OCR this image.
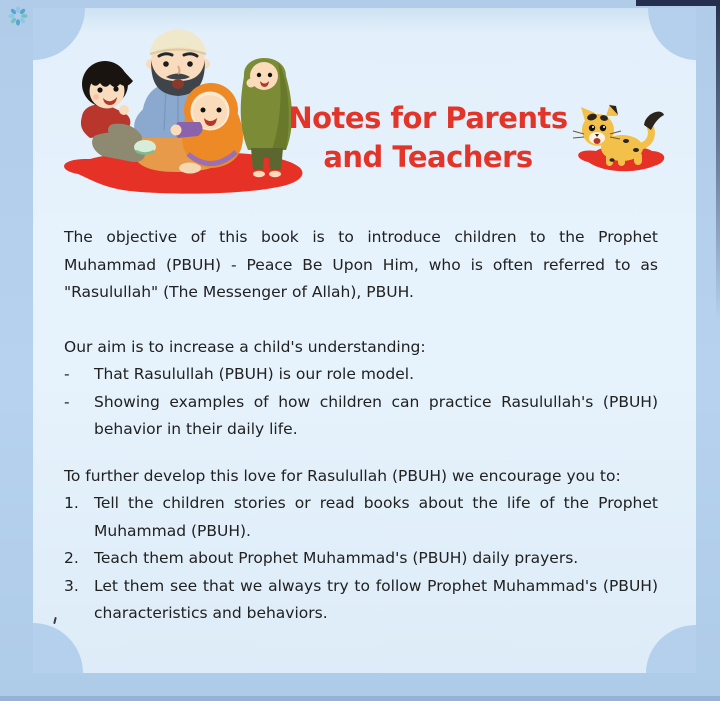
Notes for Parents
and Teachers

The objective of this book is to introduce children to the Prophet Muhammad (PBUH) - Peace Be Upon Him, who is often referred to as "Rasulullah" (The Messenger of Allah), PBUH.

Our aim is to increase a child's understanding:
-	That Rasulullah (PBUH) is our role model.
-	Showing examples of how children can practice Rasulullah's (PBUH) behavior in their daily life.
To further develop this love for Rasulullah (PBUH) we encourage you to:
1. Tell the children stories or read books about the life of the Prophet Muhammad (PBUH).
2. Teach them about Prophet Muhammad's (PBUH) daily prayers.
3. Let them see that we always try to follow Prophet Muhammad's (PBUH) characteristics and behaviors.
